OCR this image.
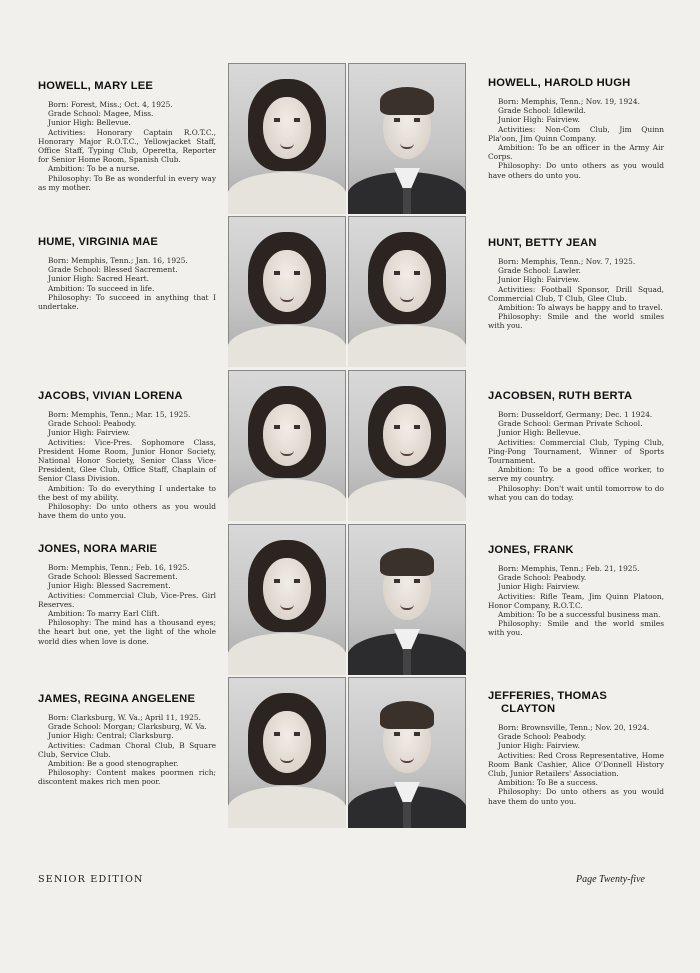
HOWELL, MARY LEE

Born: Forest, Miss.; Oct. 4, 1925.

Grade School: Magee, Miss.

Junior High: Bellevue.

Activities: Honorary Captain R.O.T.C., Honorary Major R.O.T.C., Yellowjacket Staff, Office Staff, Typing Club, Operetta, Reporter for Senior Home Room, Spanish Club.

Ambition: To be a nurse.

Philosophy: To Be as wonderful in every way as my mother.

HUME, VIRGINIA MAE

Born: Memphis, Tenn.; Jan. 16, 1925.

Grade School: Blessed Sacrement.

Junior High: Sacred Heart.

Ambition: To succeed in life.

Philosophy: To succeed in anything that I undertake.

JACOBS, VIVIAN LORENA

Born: Memphis, Tenn.; Mar. 15, 1925.

Grade School: Peabody.

Junior High: Fairview.

Activities: Vice-Pres. Sophomore Class, President Home Room, Junior Honor Society, National Honor Society, Senior Class Vice-President, Glee Club, Office Staff, Chaplain of Senior Class Division.

Ambition: To do everything I undertake to the best of my ability.

Philosophy: Do unto others as you would have them do unto you.

JONES, NORA MARIE

Born: Memphis, Tenn.; Feb. 16, 1925.

Grade School: Blessed Sacrement.

Junior High: Blessed Sacrement.

Activities: Commercial Club, Vice-Pres. Girl Reserves.

Ambition: To marry Earl Clift.

Philosophy: The mind has a thousand eyes; the heart but one, yet the light of the whole world dies when love is done.

JAMES, REGINA ANGELENE

Born: Clarksburg, W. Va.; April 11, 1925.

Grade School: Morgan; Clarksburg, W. Va.

Junior High: Central; Clarksburg.

Activities: Cadman Choral Club, B Square Club, Service Club.

Ambition: Be a good stenographer.

Philosophy: Content makes poormen rich; discontent makes rich men poor.

HOWELL, HAROLD HUGH

Born: Memphis, Tenn.; Nov. 19, 1924.

Grade School: Idlewild.

Junior High: Fairview.

Activities: Non-Com Club, Jim Quinn Pla'oon, Jim Quinn Company.

Ambition: To be an officer in the Army Air Corps.

Philosophy: Do unto others as you would have others do unto you.

HUNT, BETTY JEAN

Born: Memphis, Tenn.; Nov. 7, 1925.

Grade School: Lawler.

Junior High: Fairview.

Activities: Football Sponsor, Drill Squad, Commercial Club, T Club, Glee Club.

Ambition: To always be happy and to travel.

Philosophy: Smile and the world smiles with you.

JACOBSEN, RUTH BERTA

Born: Dusseldorf, Germany; Dec. 1 1924.

Grade School: German Private School.

Junior High: Bellevue.

Activities: Commercial Club, Typing Club, Ping-Pong Tournament, Winner of Sports Tournament.

Ambition: To be a good office worker, to serve my country.

Philosophy: Don't wait until tomorrow to do what you can do today.

JONES, FRANK

Born: Memphis, Tenn.; Feb. 21, 1925.

Grade School: Peabody.

Junior High: Fairview.

Activities: Rifle Team, Jim Quinn Platoon, Honor Company, R.O.T.C.

Ambition: To be a successful business man.

Philosophy: Smile and the world smiles with you.

JEFFERIES, THOMAS
CLAYTON

Born: Brownsville, Tenn.; Nov. 20, 1924.

Grade School: Peabody.

Junior High: Fairview.

Activities: Red Cross Representative, Home Room Bank Cashier, Alice O'Donnell History Club, Junior Retailers' Association.

Ambition: To Be a success.

Philosophy: Do unto others as you would have them do unto you.

SENIOR EDITION	Page Twenty-five
